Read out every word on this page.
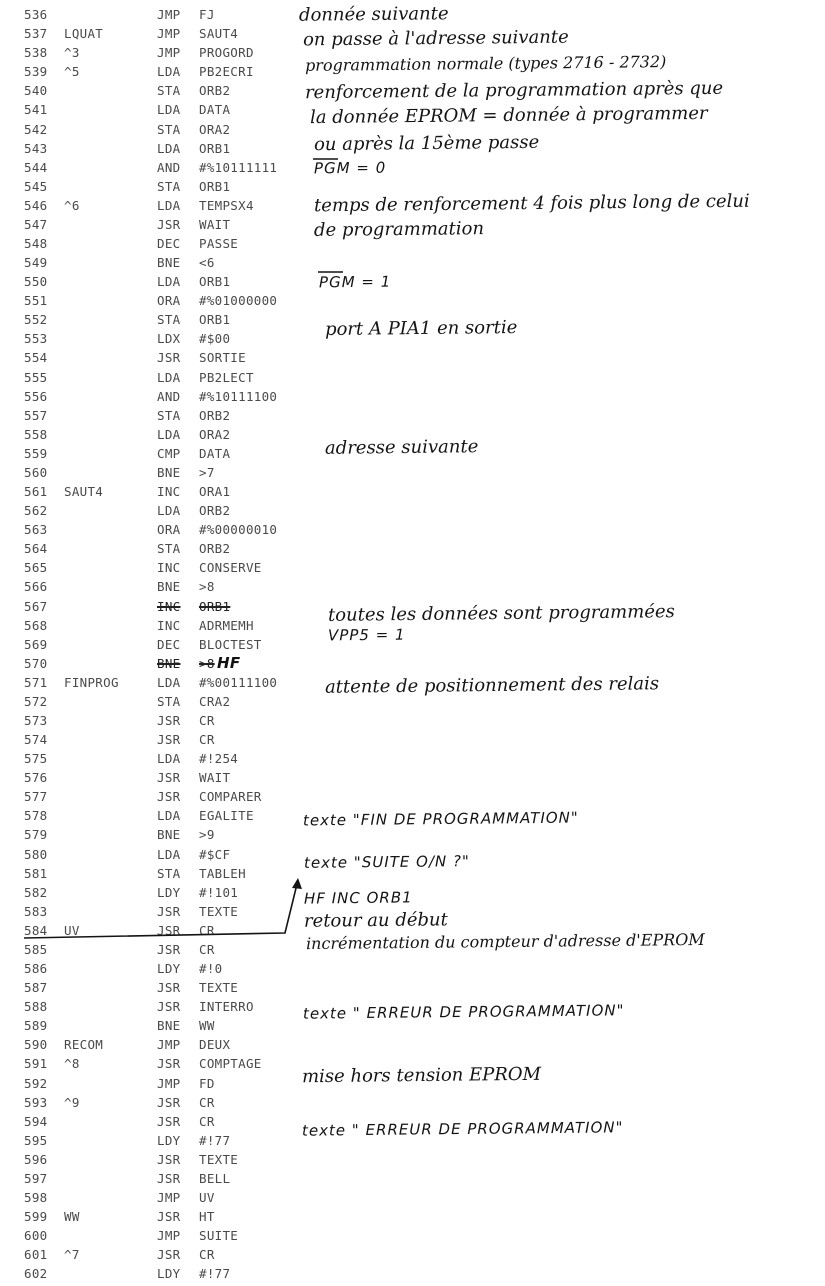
536	JMP FJ
537 LQUAT	JMP SAUT4
538 ^3	JMP PROGORD
539 ^5	LDA PB2ECRI
540	STA ORB2
541	LDA DATA
542	STA ORA2
543	LDA ORB1
544	AND #%10111111
545	STA ORB1
546 ^6	LDA TEMPSX4
547	JSR WAIT
548	DEC PASSE
549	BNE <6
550	LDA ORB1
551	ORA #%01000000
552	STA ORB1
553	LDX #$00
554	JSR SORTIE
555	LDA PB2LECT
556	AND #%10111100
557	STA ORB2
558	LDA ORA2
559	CMP DATA
560	BNE >7
561 SAUT4	INC ORA1
562	LDA ORB2
563	ORA #%00000010
564	STA ORB2
565	INC CONSERVE
566	BNE >8
567	INC ORB1
568	INC ADRMEMH
569	DEC BLOCTEST
570	BNE >8 HF
571 FINPROG	LDA #%00111100
572	STA CRA2
573	JSR CR
574	JSR CR
575	LDA #!254
576	JSR WAIT
577	JSR COMPARER
578	LDA EGALITE
579	BNE >9
580	LDA #$CF
581	STA TABLEH
582	LDY #!101
583	JSR TEXTE
584 UV	JSR CR
585	JSR CR
586	LDY #!0
587	JSR TEXTE
588	JSR INTERRO
589	BNE WW
590 RECOM	JMP DEUX
591 ^8	JSR COMPTAGE
592	JMP FD
593 ^9	JSR CR
594	JSR CR
595	LDY #!77
596	JSR TEXTE
597	JSR BELL
598	JMP UV
599 WW	JSR HT
600	JMP SUITE
601 ^7	JSR CR
602	LDY #!77
donnée suivante
on passe à l'adresse suivante
programmation normale (types 2716 - 2732)
renforcement de la programmation après que
la donnée EPROM = donnée à programmer
ou après la 15ème passe
PGM = 0
temps de renforcement 4 fois plus long de celui
de programmation
PGM = 1
port A PIA1 en sortie
adresse suivante
toutes les données sont programmées
VPP5 = 1
attente de positionnement des relais
texte "FIN DE PROGRAMMATION"
texte "SUITE O/N ?"
HF INC ORB1
retour au début
incrémentation du compteur d'adresse d'EPROM
texte " ERREUR DE PROGRAMMATION"
mise hors tension EPROM
texte " ERREUR DE PROGRAMMATION"
